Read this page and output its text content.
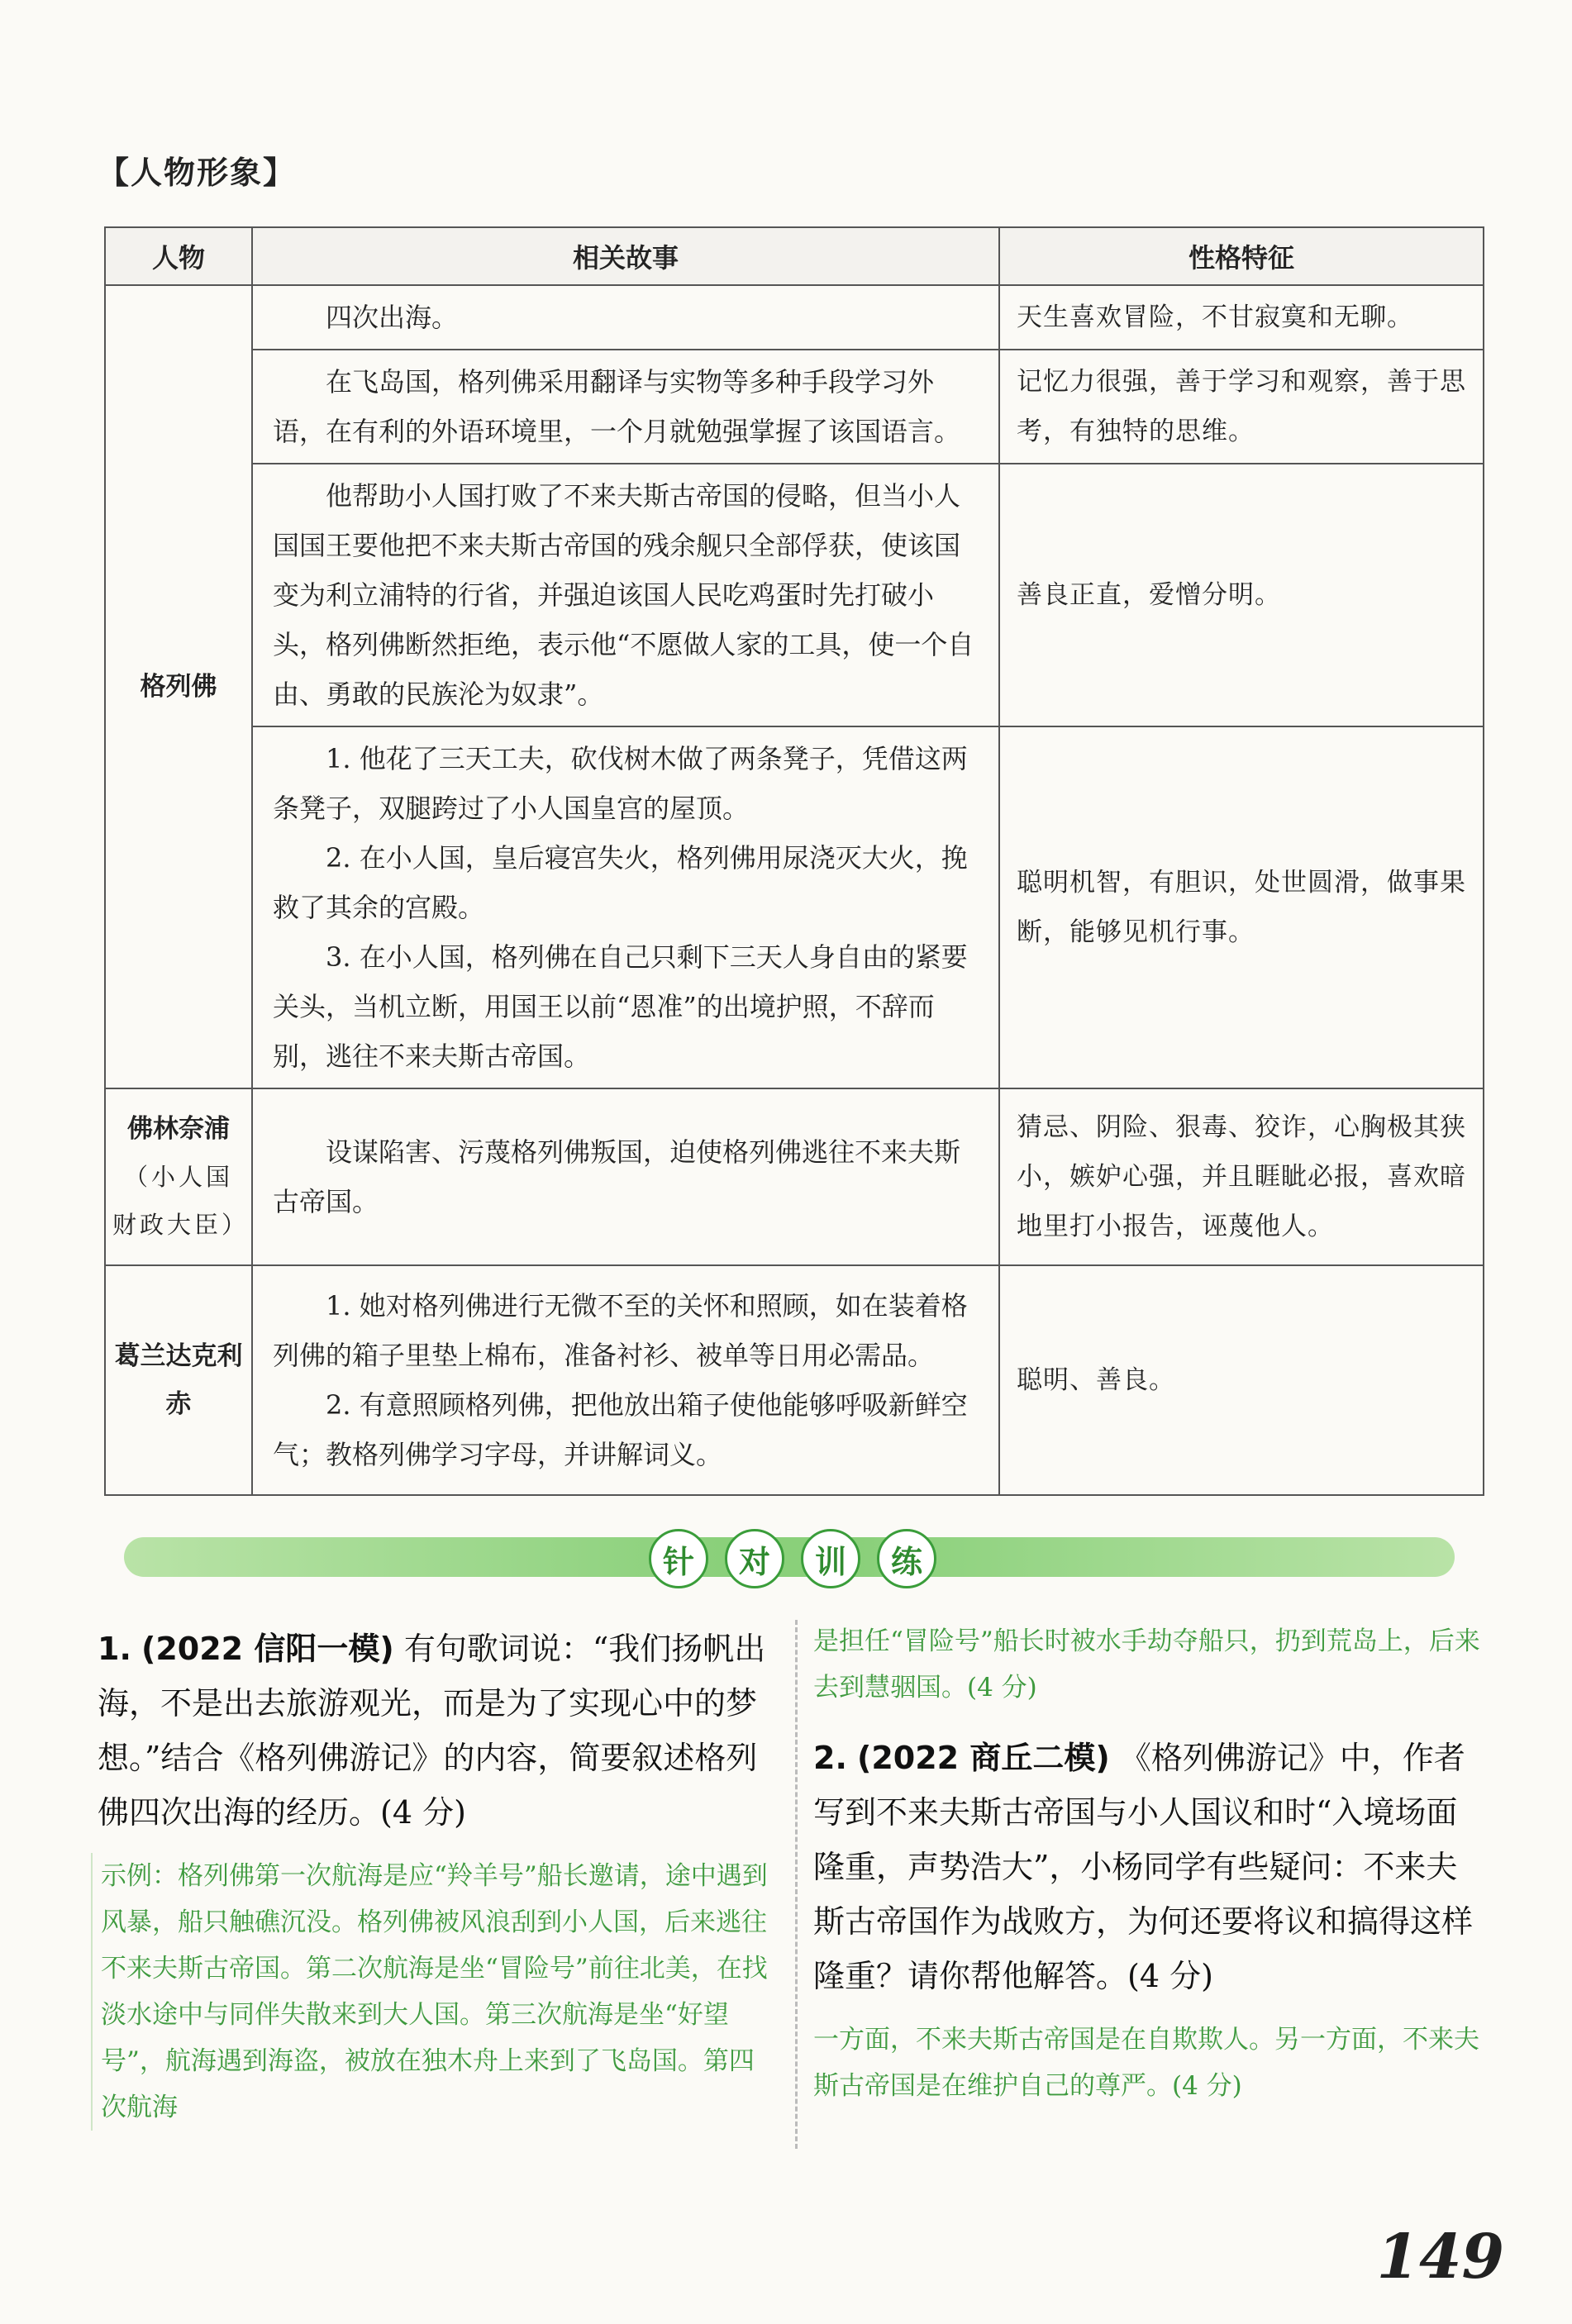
【人物形象】
人物	相关故事	性格特征
格列佛	四次出海。	天生喜欢冒险，不甘寂寞和无聊。

	在飞岛国，格列佛采用翻译与实物等多种手段学习外语，在有利的外语环境里，一个月就勉强掌握了该国语言。	记忆力很强，善于学习和观察，善于思考，有独特的思维。

	他帮助小人国打败了不来夫斯古帝国的侵略，但当小人国国王要他把不来夫斯古帝国的残余舰只全部俘获，使该国变为利立浦特的行省，并强迫该国人民吃鸡蛋时先打破小头，格列佛断然拒绝，表示他“不愿做人家的工具，使一个自由、勇敢的民族沦为奴隶”。	善良正直，爱憎分明。

	1. 他花了三天工夫，砍伐树木做了两条凳子，凭借这两条凳子，双腿跨过了小人国皇宫的屋顶。

2. 在小人国，皇后寝宫失火，格列佛用尿浇灭大火，挽救了其余的宫殿。

3. 在小人国，格列佛在自己只剩下三天人身自由的紧要关头，当机立断，用国王以前“恩准”的出境护照，不辞而别，逃往不来夫斯古帝国。	聪明机智，有胆识，处世圆滑，做事果断，能够见机行事。

佛林奈浦
（小人国财政大臣）	设谋陷害、污蔑格列佛叛国，迫使格列佛逃往不来夫斯古帝国。	猜忌、阴险、狠毒、狡诈，心胸极其狭小，嫉妒心强，并且睚眦必报，喜欢暗地里打小报告，诬蔑他人。
葛兰达克利赤	1. 她对格列佛进行无微不至的关怀和照顾，如在装着格列佛的箱子里垫上棉布，准备衬衫、被单等日用必需品。

2. 有意照顾格列佛，把他放出箱子使他能够呼吸新鲜空气；教格列佛学习字母，并讲解词义。	聪明、善良。
针	对	训	练
1. (2022 信阳一模) 有句歌词说：“我们扬帆出海，不是出去旅游观光，而是为了实现心中的梦想。”结合《格列佛游记》的内容，简要叙述格列佛四次出海的经历。(4 分)
示例：格列佛第一次航海是应“羚羊号”船长邀请，途中遇到风暴，船只触礁沉没。格列佛被风浪刮到小人国，后来逃往不来夫斯古帝国。第二次航海是坐“冒险号”前往北美，在找淡水途中与同伴失散来到大人国。第三次航海是坐“好望号”，航海遇到海盗，被放在独木舟上来到了飞岛国。第四次航海
是担任“冒险号”船长时被水手劫夺船只，扔到荒岛上，后来去到慧骃国。(4 分)
2. (2022 商丘二模) 《格列佛游记》中，作者写到不来夫斯古帝国与小人国议和时“入境场面隆重，声势浩大”，小杨同学有些疑问：不来夫斯古帝国作为战败方，为何还要将议和搞得这样隆重？请你帮他解答。(4 分)
一方面，不来夫斯古帝国是在自欺欺人。另一方面，不来夫斯古帝国是在维护自己的尊严。(4 分)
149
